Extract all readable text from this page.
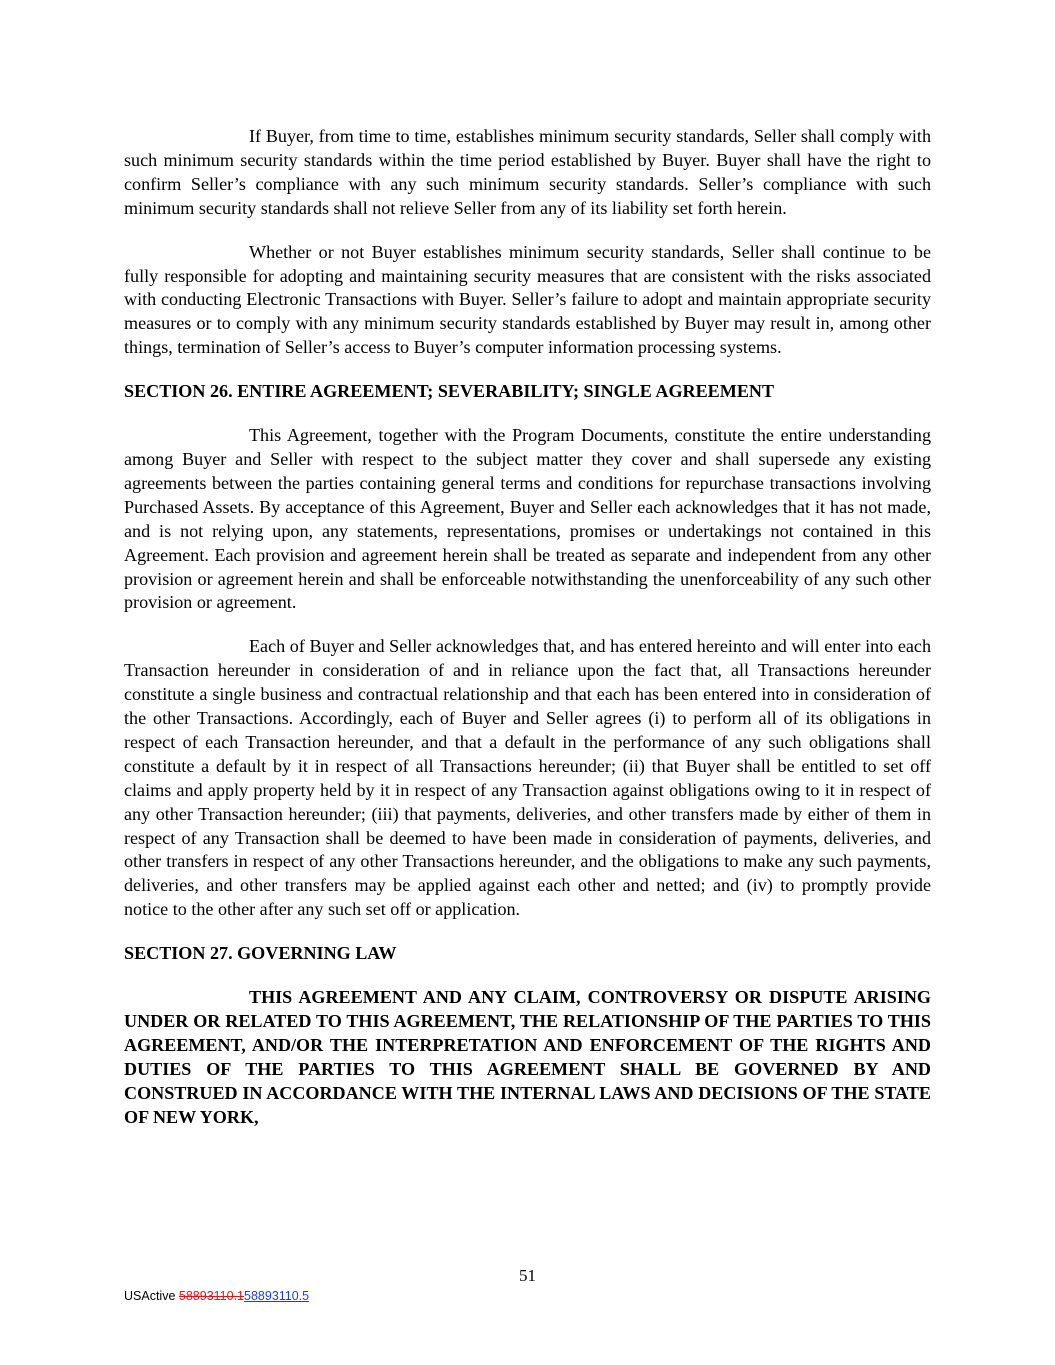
If Buyer, from time to time, establishes minimum security standards, Seller shall comply with such minimum security standards within the time period established by Buyer. Buyer shall have the right to confirm Seller’s compliance with any such minimum security standards. Seller’s compliance with such minimum security standards shall not relieve Seller from any of its liability set forth herein.

Whether or not Buyer establishes minimum security standards, Seller shall continue to be fully responsible for adopting and maintaining security measures that are consistent with the risks associated with conducting Electronic Transactions with Buyer. Seller’s failure to adopt and maintain appropriate security measures or to comply with any minimum security standards established by Buyer may result in, among other things, termination of Seller’s access to Buyer’s computer information processing systems.

SECTION 26. ENTIRE AGREEMENT; SEVERABILITY; SINGLE AGREEMENT

This Agreement, together with the Program Documents, constitute the entire understanding among Buyer and Seller with respect to the subject matter they cover and shall supersede any existing agreements between the parties containing general terms and conditions for repurchase transactions involving Purchased Assets. By acceptance of this Agreement, Buyer and Seller each acknowledges that it has not made, and is not relying upon, any statements, representations, promises or undertakings not contained in this Agreement. Each provision and agreement herein shall be treated as separate and independent from any other provision or agreement herein and shall be enforceable notwithstanding the unenforceability of any such other provision or agreement.

Each of Buyer and Seller acknowledges that, and has entered hereinto and will enter into each Transaction hereunder in consideration of and in reliance upon the fact that, all Transactions hereunder constitute a single business and contractual relationship and that each has been entered into in consideration of the other Transactions. Accordingly, each of Buyer and Seller agrees (i) to perform all of its obligations in respect of each Transaction hereunder, and that a default in the performance of any such obligations shall constitute a default by it in respect of all Transactions hereunder; (ii) that Buyer shall be entitled to set off claims and apply property held by it in respect of any Transaction against obligations owing to it in respect of any other Transaction hereunder; (iii) that payments, deliveries, and other transfers made by either of them in respect of any Transaction shall be deemed to have been made in consideration of payments, deliveries, and other transfers in respect of any other Transactions hereunder, and the obligations to make any such payments, deliveries, and other transfers may be applied against each other and netted; and (iv) to promptly provide notice to the other after any such set off or application.

SECTION 27. GOVERNING LAW

THIS AGREEMENT AND ANY CLAIM, CONTROVERSY OR DISPUTE ARISING UNDER OR RELATED TO THIS AGREEMENT, THE RELATIONSHIP OF THE PARTIES TO THIS AGREEMENT, AND/OR THE INTERPRETATION AND ENFORCEMENT OF THE RIGHTS AND DUTIES OF THE PARTIES TO THIS AGREEMENT SHALL BE GOVERNED BY AND CONSTRUED IN ACCORDANCE WITH THE INTERNAL LAWS AND DECISIONS OF THE STATE OF NEW YORK,

51
USActive 58893110.158893110.5
